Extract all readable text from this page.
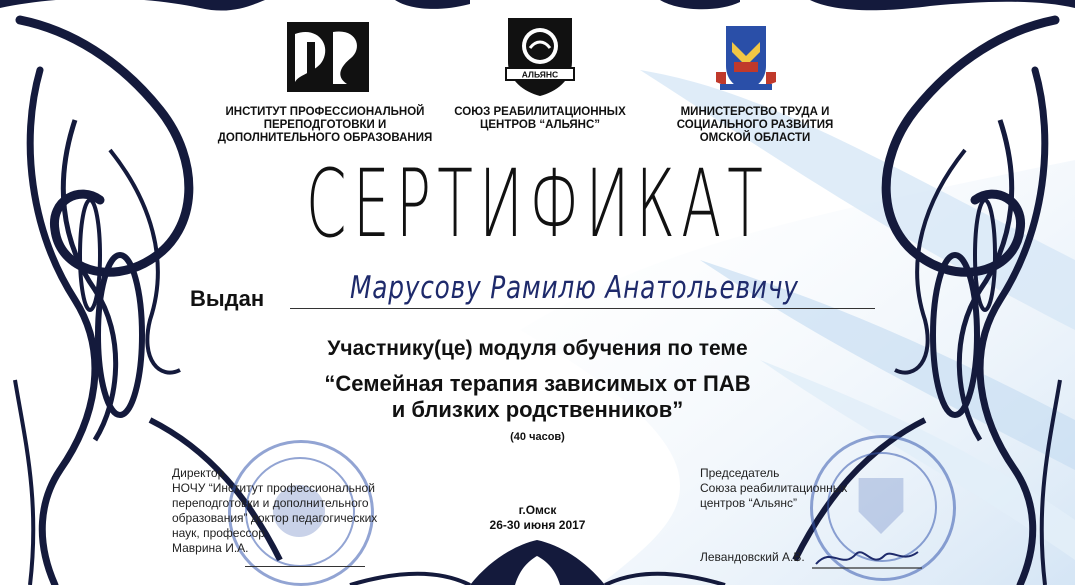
АЛЬЯНС
ИНСТИТУТ ПРОФЕССИОНАЛЬНОЙ ПЕРЕПОДГОТОВКИ И ДОПОЛНИТЕЛЬНОГО ОБРАЗОВАНИЯ
СОЮЗ РЕАБИЛИТАЦИОННЫХ ЦЕНТРОВ “АЛЬЯНС”
МИНИСТЕРСТВО ТРУДА И СОЦИАЛЬНОГО РАЗВИТИЯ ОМСКОЙ ОБЛАСТИ
СЕРТИФИКАТ
Выдан	Марусову Рамилю Анатольевичу
Участнику(це) модуля обучения по теме
“Семейная терапия зависимых от ПАВ
и близких родственников”
(40 часов)
г.Омск
26-30 июня 2017
Директор
НОЧУ “Институт профессиональной
переподготовки и дополнительного
образования” доктор педагогических
наук, профессор
Маврина И.А.
Председатель
Союза реабилитационных
центров “Альянс”
Левандовский А.В.
